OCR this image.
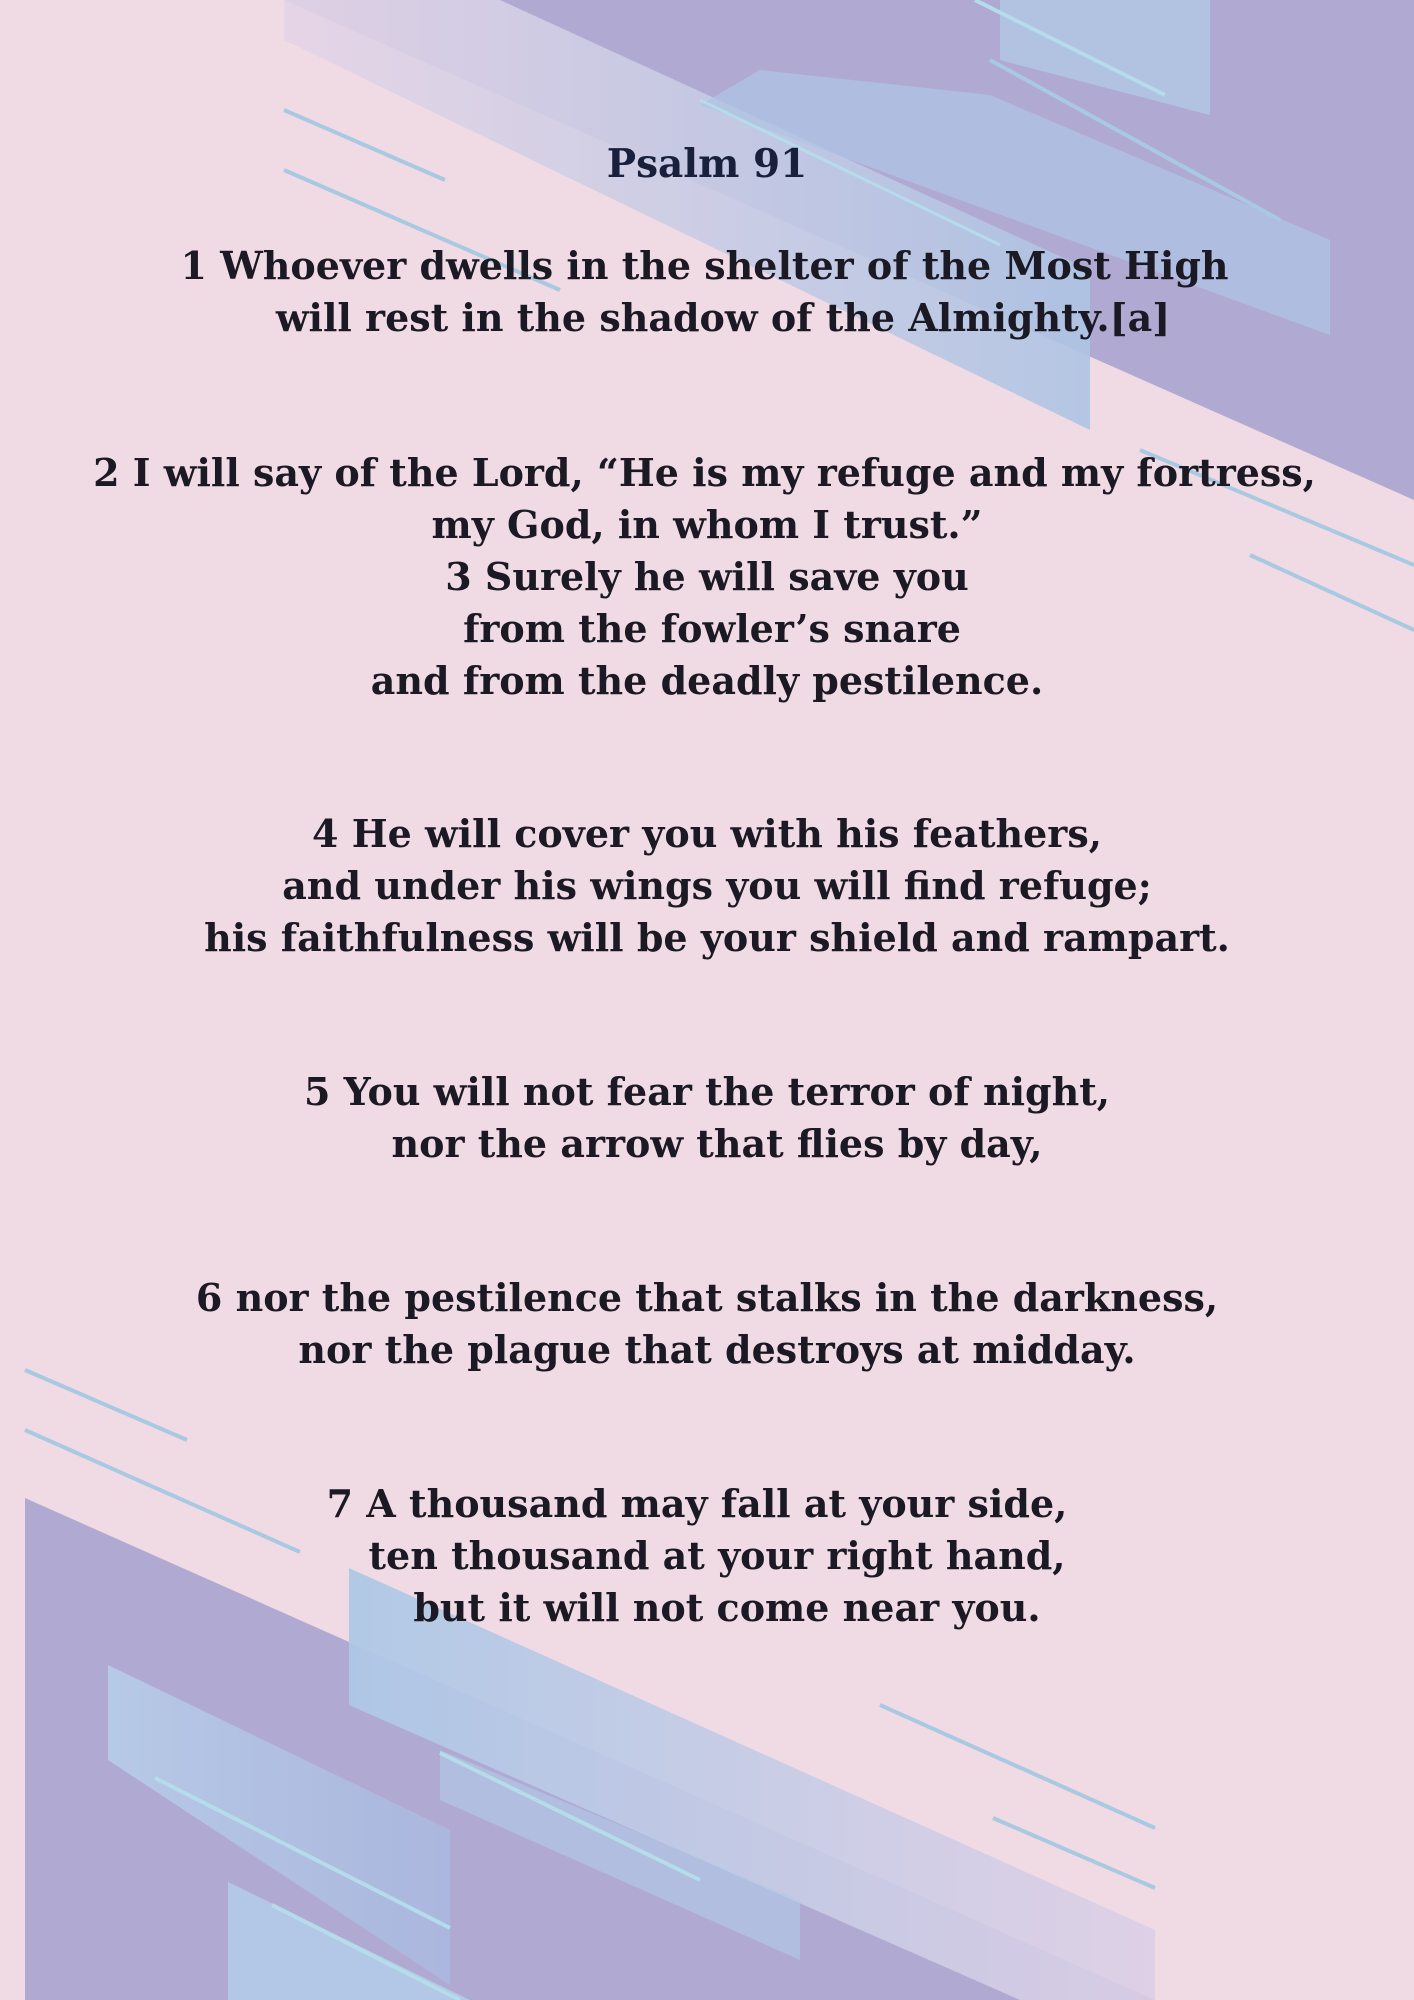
Psalm 91
1 Whoever dwells in the shelter of the Most High
will rest in the shadow of the Almighty.[a]
2 I will say of the Lord, “He is my refuge and my fortress,
my God, in whom I trust.”
3 Surely he will save you
from the fowler’s snare
and from the deadly pestilence.
4 He will cover you with his feathers,
and under his wings you will find refuge;
his faithfulness will be your shield and rampart.
5 You will not fear the terror of night,
nor the arrow that flies by day,
6 nor the pestilence that stalks in the darkness,
nor the plague that destroys at midday.
7 A thousand may fall at your side,
ten thousand at your right hand,
but it will not come near you.
